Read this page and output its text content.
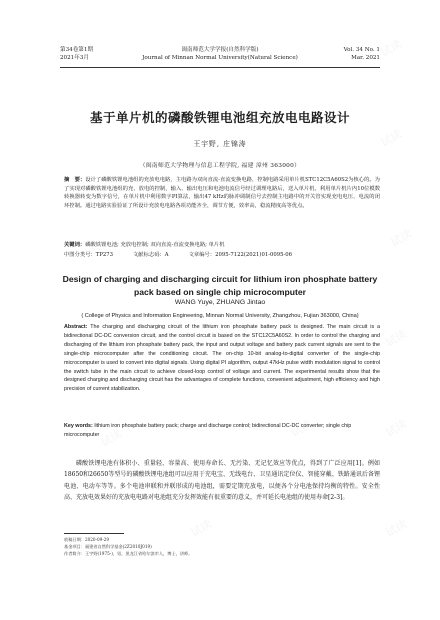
第34卷第1期
2021年3月
闽南师范大学学报(自然科学版)
Journal of Minnan Normal University(Natural Science)
Vol. 34 No. 1
Mar. 2021
基于单片机的磷酸铁锂电池组充放电电路设计
王宇野, 庄锦涛
（闽南师范大学物理与信息工程学院, 福建 漳州 363000）
摘　要：设计了磷酸铁锂电池组的充放电电路，主电路为双向直流-直流变换电路，控制电路采用单片机STC12C5A60S2为核心的。为了实现对磷酸铁锂电池组的充、放电的控制，输入、输出电压和电池电流信号经过调理电路后，送入单片机，利用单片机片内10位模数转换器转变为数字信号，在单片机中利用数字PI算法，输出47 kHz的脉冲调制信号去控制主电路中的开关管实现充电电压、电流的闭环控制。通过电路实验验证了所设计充放电电路各项功能齐全，调节方便，效率高，稳流精度高等优点。
关键词：磷酸铁锂电池; 充放电控制; 双向直流-直流变换电路; 单片机
中图分类号：TP273	文献标志码：A	文章编号：2095-7122(2021)01-0095-06
Design of charging and discharging circuit for lithium iron phosphate battery pack based on single chip microcomputer
WANG Yuye, ZHUANG Jintao
( College of Physics and Information Engineering, Minnan Normal University, Zhangzhou, Fujian 363000, China)
Abstract: The charging and discharging circuit of the lithium iron phosphate battery pack is designed. The main circuit is a bidirectional DC-DC conversion circuit, and the control circuit is based on the STC12C5A60S2. In order to control the charging and discharging of the lithium iron phosphate battery pack, the input and output voltage and battery pack current signals are sent to the single-chip microcomputer after the conditioning circuit. The on-chip 10-bit analog-to-digital converter of the single-chip microcomputer is used to convert into digital signals. Using digital PI algorithm, output 47kHz pulse width modulation signal to control the switch tube in the main circuit to achieve closed-loop control of voltage and current. The experimental results show that the designed charging and discharging circuit has the advantages of complete functions, convenient adjustment, high efficiency and high precision of current stabilization.
Key words: lithium iron phosphate battery pack; charge and discharge control; bidirectional DC-DC converter; single chip microcomputer
磷酸铁锂电池有体积小、重量轻、容量高、使用寿命长、无污染、无记忆效应等优点，得到了广泛应用[1]。例如18650和26650等型号的磷酸铁锂电池组可以应用于充电宝、无线电台、卫星通讯定位仪、智能穿戴、铁路通讯后备锂电池、电动车等等。多个电池串联和并联形成的电池组，需要定期充放电，以便各个分电池保持均衡的特性。安全性高、充放电效果好的充放电电路对电池组充分发挥效能有很重要的意义，并可延长电池组的使用寿命[2-3]。
收稿日期：2020-09-29
基金项目：福建省自然科学基金(2Z2018J019)
作者简介：王宇野(1975-)，男，黑龙江省哈尔滨市人，博士，讲师。
试读
试读
试读
试读
试读
试读
试读
试读
试读
